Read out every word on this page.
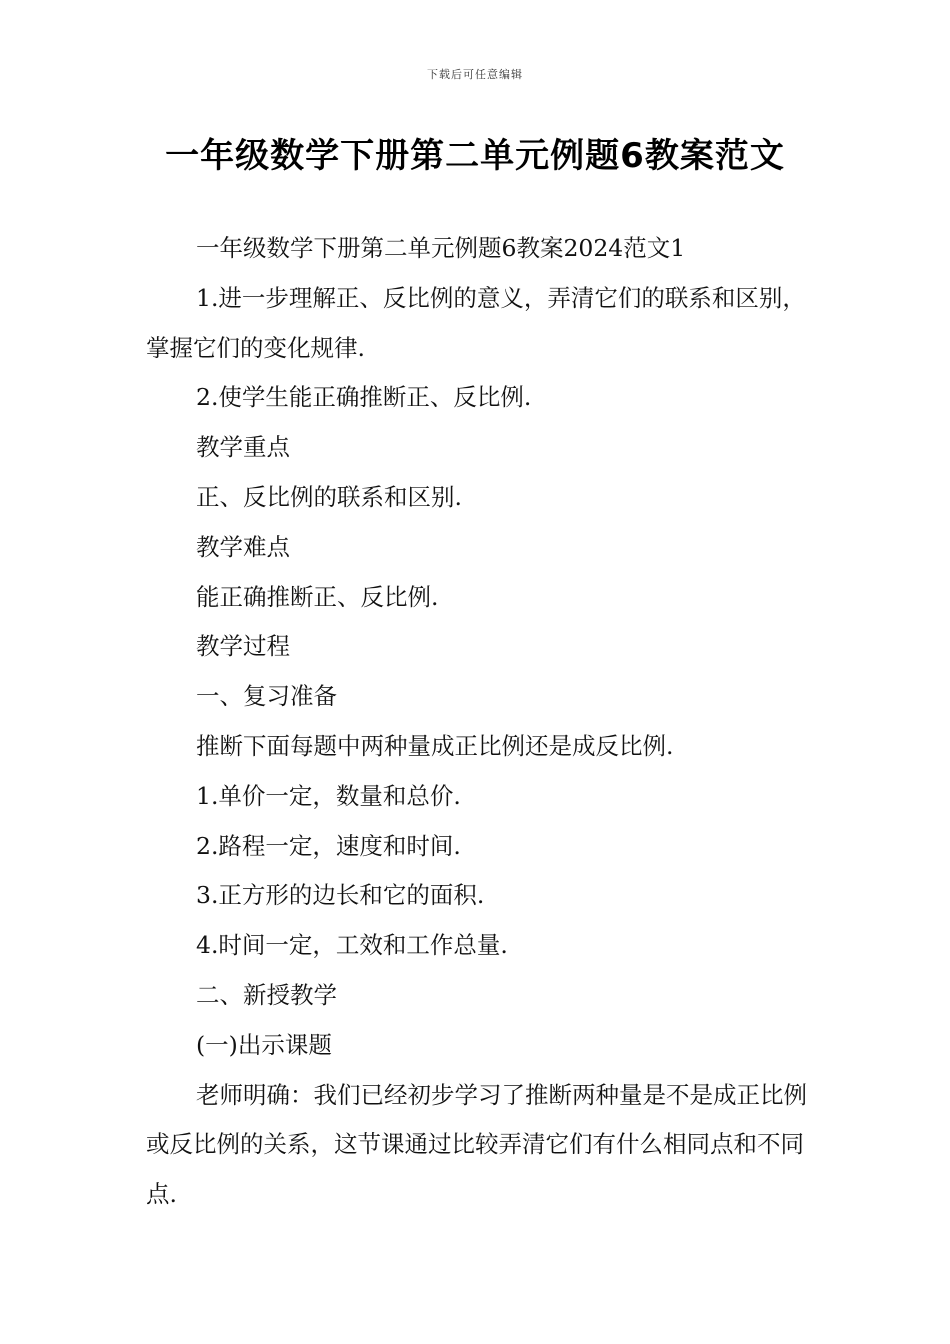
下载后可任意编辑
一年级数学下册第二单元例题6教案范文

一年级数学下册第二单元例题6教案2024范文1

1.进一步理解正、反比例的意义，弄清它们的联系和区别，掌握它们的变化规律.

2.使学生能正确推断正、反比例.

教学重点

正、反比例的联系和区别.

教学难点

能正确推断正、反比例.

教学过程

一、复习准备

推断下面每题中两种量成正比例还是成反比例.

1.单价一定，数量和总价.

2.路程一定，速度和时间.

3.正方形的边长和它的面积.

4.时间一定，工效和工作总量.

二、新授教学

(一)出示课题

老师明确：我们已经初步学习了推断两种量是不是成正比例或反比例的关系，这节课通过比较弄清它们有什么相同点和不同点.
